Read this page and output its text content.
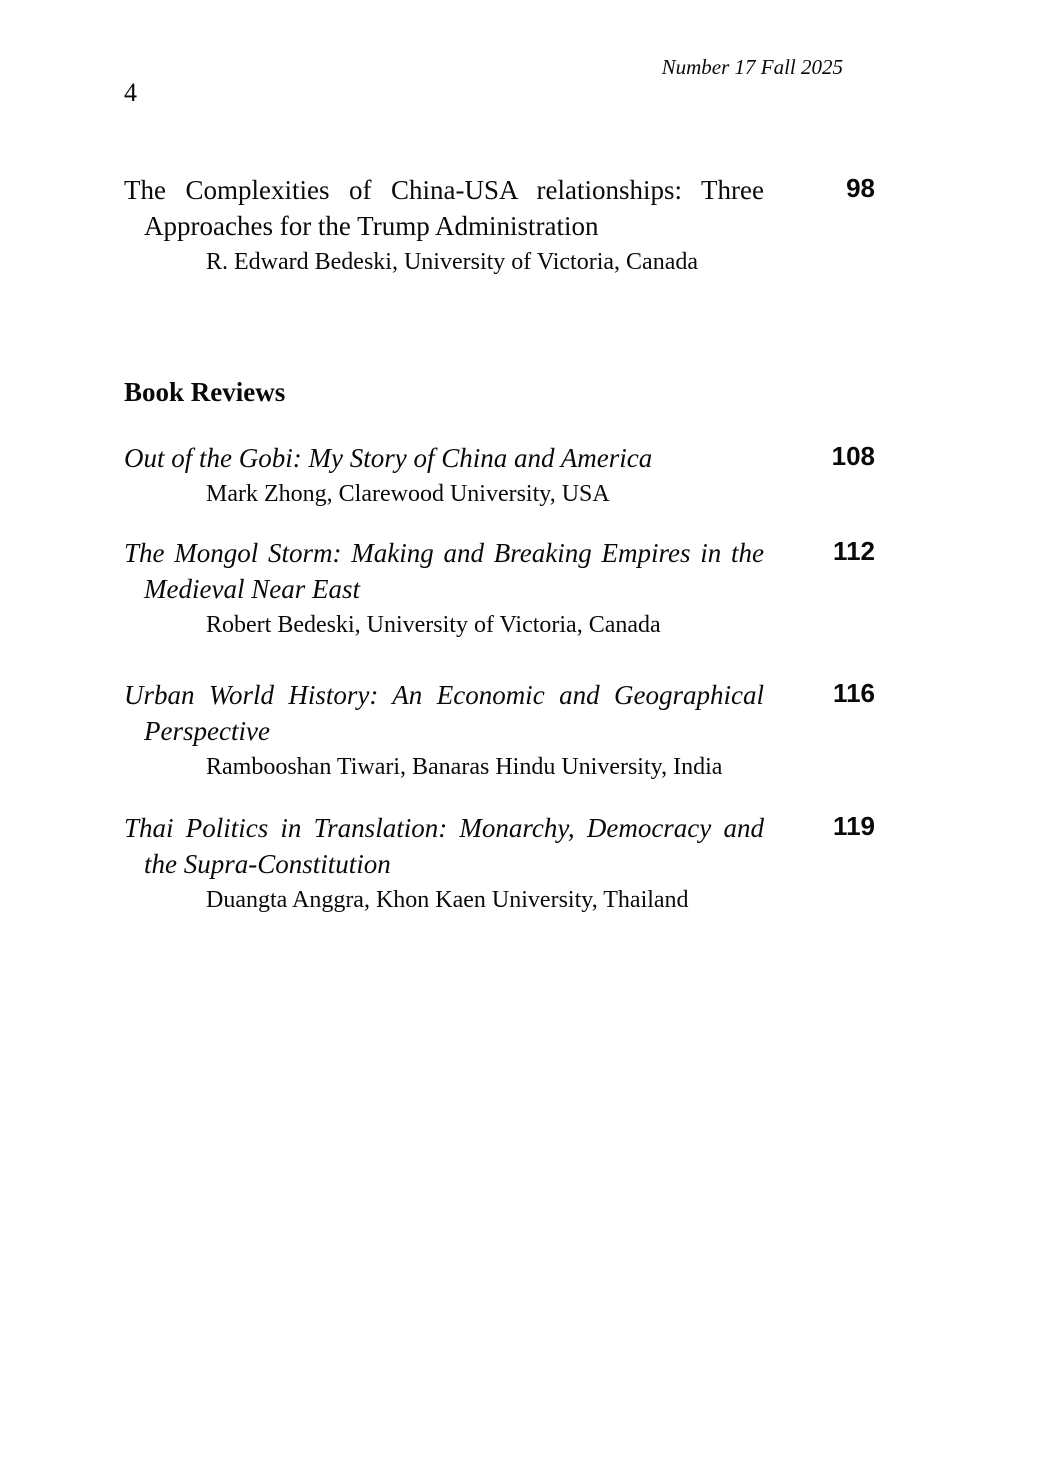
Number 17 Fall 2025
4
The Complexities of China-USA relationships: Three Approaches for the Trump Administration
R. Edward Bedeski, University of Victoria, Canada
98
Book Reviews
Out of the Gobi: My Story of China and America
Mark Zhong, Clarewood University, USA
108
The Mongol Storm: Making and Breaking Empires in the Medieval Near East
Robert Bedeski, University of Victoria, Canada
112
Urban World History: An Economic and Geographical Perspective
Rambooshan Tiwari, Banaras Hindu University, India
116
Thai Politics in Translation: Monarchy, Democracy and the Supra-Constitution
Duangta Anggra, Khon Kaen University, Thailand
119
